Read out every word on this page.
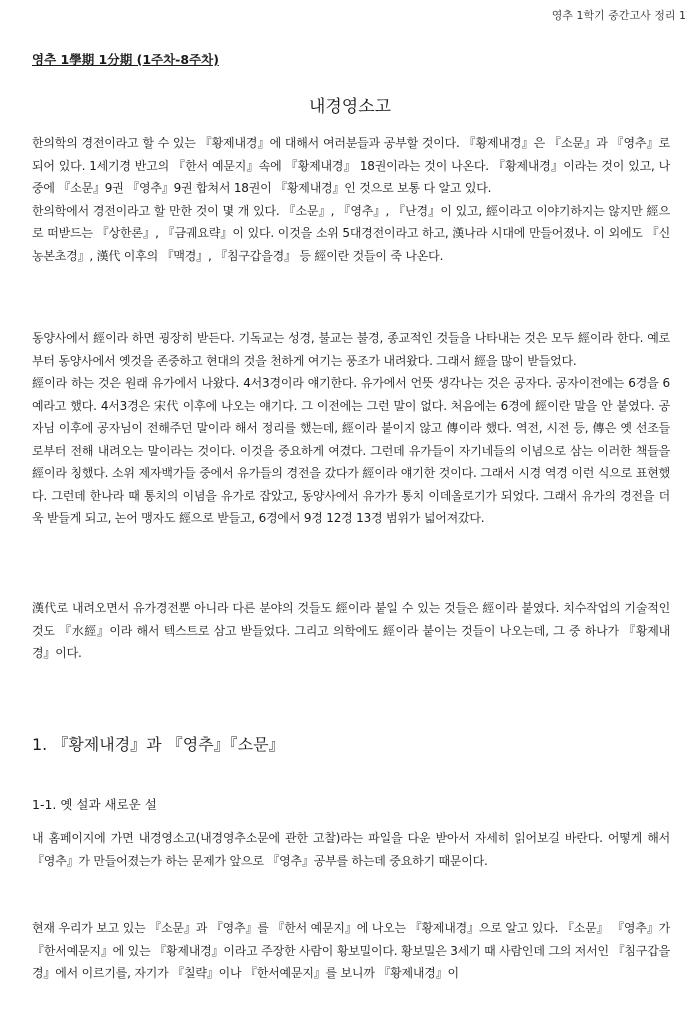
영추 1학기 중간고사 정리 1
영추 1學期 1分期 (1주차-8주차)
내경영소고

한의학의 경전이라고 할 수 있는 『황제내경』에 대해서 여러분들과 공부할 것이다. 『황제내경』은 『소문』과 『영추』로 되어 있다. 1세기경 반고의 『한서 예문지』속에 『황제내경』 18권이라는 것이 나온다. 『황제내경』이라는 것이 있고, 나중에 『소문』9권 『영추』9권 합쳐서 18권이 『황제내경』인 것으로 보통 다 알고 있다.

한의학에서 경전이라고 할 만한 것이 몇 개 있다. 『소문』, 『영추』, 『난경』이 있고, 經이라고 이야기하지는 않지만 經으로 떠받드는 『상한론』, 『금궤요략』이 있다. 이것을 소위 5대경전이라고 하고, 漢나라 시대에 만들어졌나. 이 외에도 『신농본초경』, 漢代 이후의 『맥경』, 『침구갑을경』 등 經이란 것들이 죽 나온다.

동양사에서 經이라 하면 굉장히 받든다. 기독교는 성경, 불교는 불경, 종교적인 것들을 나타내는 것은 모두 經이라 한다. 예로부터 동양사에서 옛것을 존중하고 현대의 것을 천하게 여기는 풍조가 내려왔다. 그래서 經을 많이 받들었다.

經이라 하는 것은 원래 유가에서 나왔다. 4서3경이라 얘기한다. 유가에서 언뜻 생각나는 것은 공자다. 공자이전에는 6경을 6예라고 했다. 4서3경은 宋代 이후에 나오는 얘기다. 그 이전에는 그런 말이 없다. 처음에는 6경에 經이란 말을 안 붙였다. 공자님 이후에 공자님이 전해주던 말이라 해서 정리를 했는데, 經이라 붙이지 않고 傳이라 했다. 역전, 시전 등, 傳은 옛 선조들로부터 전해 내려오는 말이라는 것이다. 이것을 중요하게 여겼다. 그런데 유가들이 자기네들의 이념으로 삼는 이러한 책들을 經이라 칭했다. 소위 제자백가들 중에서 유가들의 경전을 갔다가 經이라 얘기한 것이다. 그래서 시경 역경 이런 식으로 표현했다. 그런데 한나라 때 통치의 이념을 유가로 잡았고, 동양사에서 유가가 통치 이데올로기가 되었다. 그래서 유가의 경전을 더욱 받들게 되고, 논어 맹자도 經으로 받들고, 6경에서 9경 12경 13경 범위가 넓어져갔다.

漢代로 내려오면서 유가경전뿐 아니라 다른 분야의 것들도 經이라 붙일 수 있는 것들은 經이라 붙였다. 치수작업의 기술적인 것도 『水經』이라 해서 텍스트로 삼고 받들었다. 그리고 의학에도 經이라 붙이는 것들이 나오는데, 그 중 하나가 『황제내경』이다.

1. 『황제내경』과 『영추』『소문』
1-1. 옛 설과 새로운 설

내 홈페이지에 가면 내경영소고(내경영추소문에 관한 고찰)라는 파일을 다운 받아서 자세히 읽어보길 바란다. 어떻게 해서 『영추』가 만들어졌는가 하는 문제가 앞으로 『영추』공부를 하는데 중요하기 때문이다.

현재 우리가 보고 있는 『소문』과 『영추』를 『한서 예문지』에 나오는 『황제내경』으로 알고 있다. 『소문』 『영추』가 『한서예문지』에 있는 『황제내경』이라고 주장한 사람이 황보밀이다. 황보밀은 3세기 때 사람인데 그의 저서인 『침구갑을경』에서 이르기를, 자기가 『칠략』이나 『한서예문지』를 보니까 『황제내경』이
